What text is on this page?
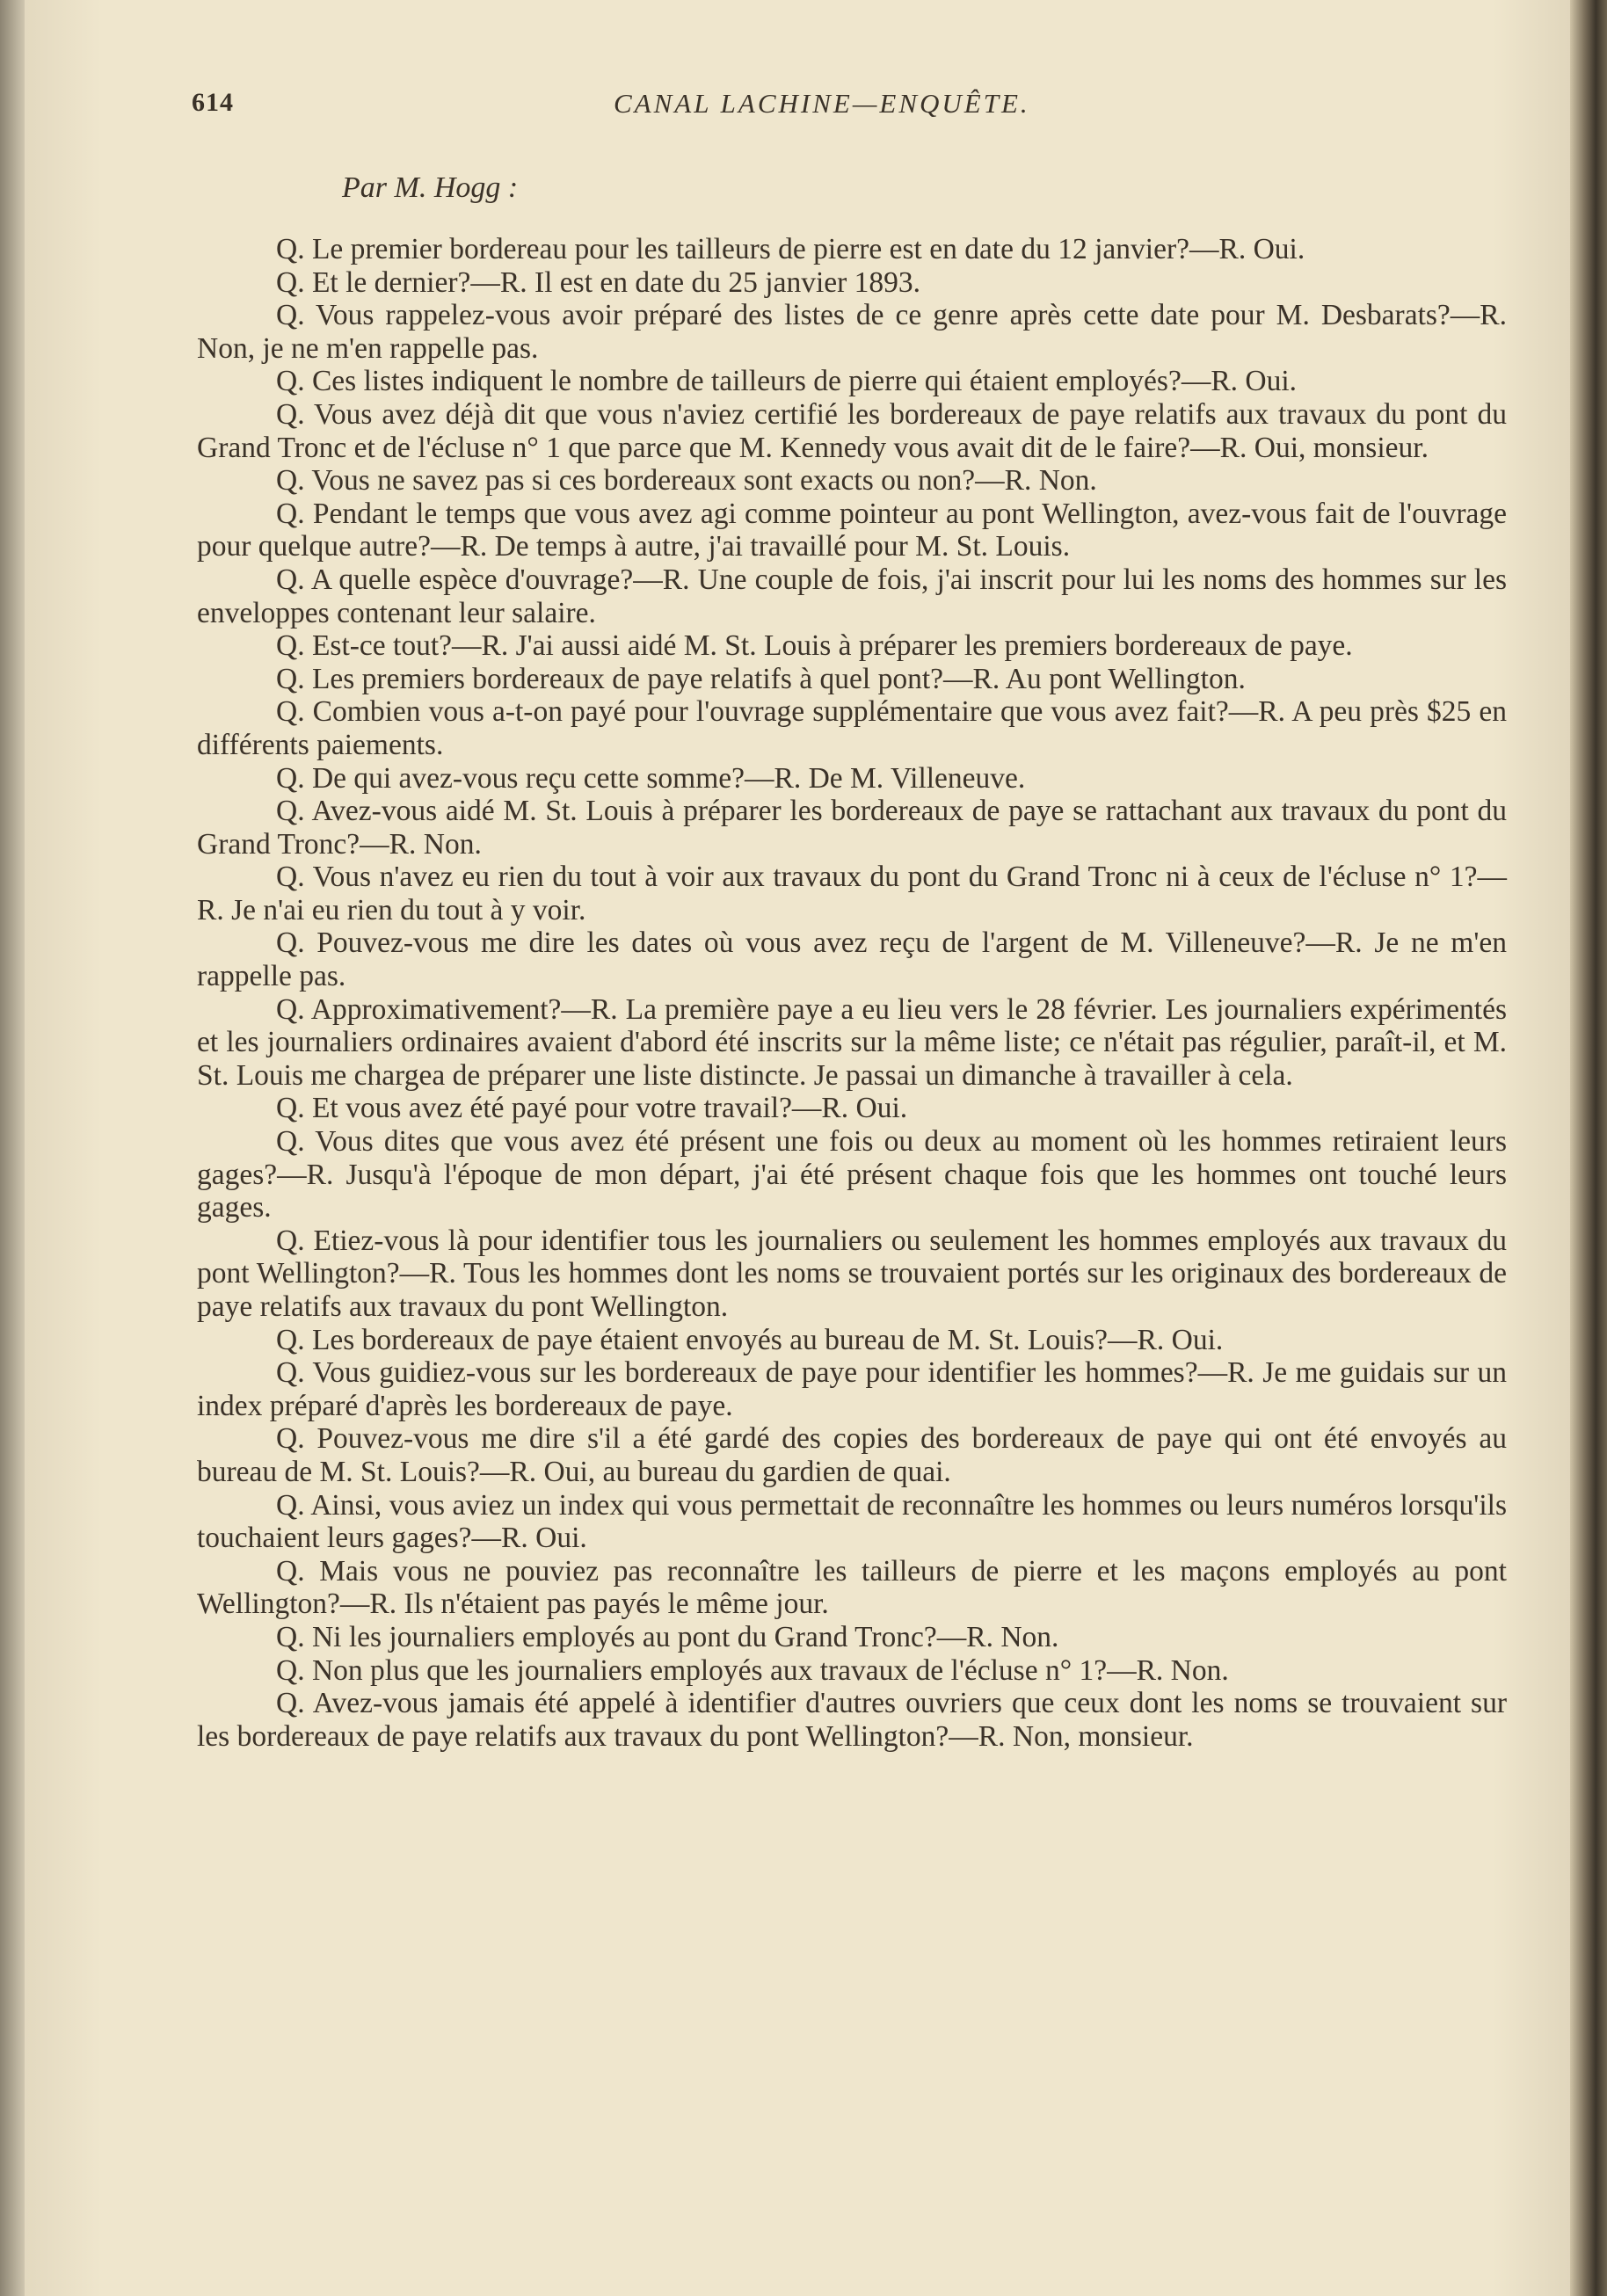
614	CANAL LACHINE—ENQUÊTE.
Par M. Hogg :

Q. Le premier bordereau pour les tailleurs de pierre est en date du 12 janvier?—R. Oui.

Q. Et le dernier?—R. Il est en date du 25 janvier 1893.

Q. Vous rappelez-vous avoir préparé des listes de ce genre après cette date pour M. Desbarats?—R. Non, je ne m'en rappelle pas.

Q. Ces listes indiquent le nombre de tailleurs de pierre qui étaient employés?—R. Oui.

Q. Vous avez déjà dit que vous n'aviez certifié les bordereaux de paye relatifs aux travaux du pont du Grand Tronc et de l'écluse n° 1 que parce que M. Kennedy vous avait dit de le faire?—R. Oui, monsieur.

Q. Vous ne savez pas si ces bordereaux sont exacts ou non?—R. Non.

Q. Pendant le temps que vous avez agi comme pointeur au pont Wellington, avez-vous fait de l'ouvrage pour quelque autre?—R. De temps à autre, j'ai travaillé pour M. St. Louis.

Q. A quelle espèce d'ouvrage?—R. Une couple de fois, j'ai inscrit pour lui les noms des hommes sur les enveloppes contenant leur salaire.

Q. Est-ce tout?—R. J'ai aussi aidé M. St. Louis à préparer les premiers bordereaux de paye.

Q. Les premiers bordereaux de paye relatifs à quel pont?—R. Au pont Wellington.

Q. Combien vous a-t-on payé pour l'ouvrage supplémentaire que vous avez fait?—R. A peu près $25 en différents paiements.

Q. De qui avez-vous reçu cette somme?—R. De M. Villeneuve.

Q. Avez-vous aidé M. St. Louis à préparer les bordereaux de paye se rattachant aux travaux du pont du Grand Tronc?—R. Non.

Q. Vous n'avez eu rien du tout à voir aux travaux du pont du Grand Tronc ni à ceux de l'écluse n° 1?—R. Je n'ai eu rien du tout à y voir.

Q. Pouvez-vous me dire les dates où vous avez reçu de l'argent de M. Villeneuve?—R. Je ne m'en rappelle pas.

Q. Approximativement?—R. La première paye a eu lieu vers le 28 février. Les journaliers expérimentés et les journaliers ordinaires avaient d'abord été inscrits sur la même liste; ce n'était pas régulier, paraît-il, et M. St. Louis me chargea de préparer une liste distincte. Je passai un dimanche à travailler à cela.

Q. Et vous avez été payé pour votre travail?—R. Oui.

Q. Vous dites que vous avez été présent une fois ou deux au moment où les hommes retiraient leurs gages?—R. Jusqu'à l'époque de mon départ, j'ai été présent chaque fois que les hommes ont touché leurs gages.

Q. Etiez-vous là pour identifier tous les journaliers ou seulement les hommes employés aux travaux du pont Wellington?—R. Tous les hommes dont les noms se trouvaient portés sur les originaux des bordereaux de paye relatifs aux travaux du pont Wellington.

Q. Les bordereaux de paye étaient envoyés au bureau de M. St. Louis?—R. Oui.

Q. Vous guidiez-vous sur les bordereaux de paye pour identifier les hommes?—R. Je me guidais sur un index préparé d'après les bordereaux de paye.

Q. Pouvez-vous me dire s'il a été gardé des copies des bordereaux de paye qui ont été envoyés au bureau de M. St. Louis?—R. Oui, au bureau du gardien de quai.

Q. Ainsi, vous aviez un index qui vous permettait de reconnaître les hommes ou leurs numéros lorsqu'ils touchaient leurs gages?—R. Oui.

Q. Mais vous ne pouviez pas reconnaître les tailleurs de pierre et les maçons employés au pont Wellington?—R. Ils n'étaient pas payés le même jour.

Q. Ni les journaliers employés au pont du Grand Tronc?—R. Non.

Q. Non plus que les journaliers employés aux travaux de l'écluse n° 1?—R. Non.

Q. Avez-vous jamais été appelé à identifier d'autres ouvriers que ceux dont les noms se trouvaient sur les bordereaux de paye relatifs aux travaux du pont Wellington?—R. Non, monsieur.
